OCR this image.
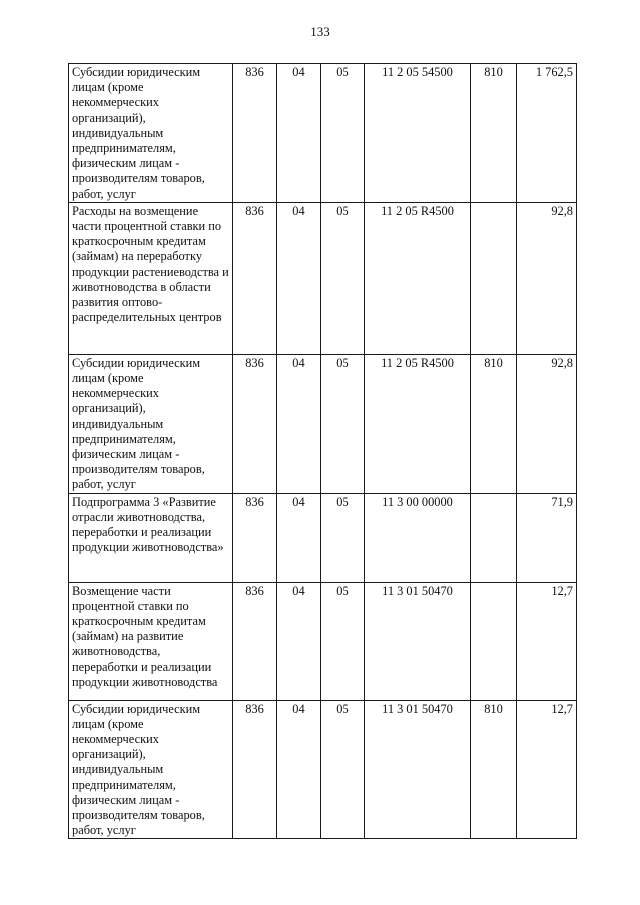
133
Субсидии юридическим лицам (кроме некоммерческих организаций), индивидуальным предпринимателям, физическим лицам - производителям товаров, работ, услуг	836	04	05	11 2 05 54500	810	1 762,5

Расходы на возмещение части процентной ставки по краткосрочным кредитам (займам) на переработку продукции растениеводства и животноводства в области развития оптово-распределительных центров	836	04	05	11 2 05 R4500		92,8

Субсидии юридическим лицам (кроме некоммерческих организаций), индивидуальным предпринимателям, физическим лицам - производителям товаров, работ, услуг	836	04	05	11 2 05 R4500	810	92,8

Подпрограмма 3 «Развитие отрасли животноводства, переработки и реализации продукции животноводства»	836	04	05	11 3 00 00000		71,9

Возмещение части процентной ставки по краткосрочным кредитам (займам) на развитие животноводства, переработки и реализации продукции животноводства	836	04	05	11 3 01 50470		12,7

Субсидии юридическим лицам (кроме некоммерческих организаций), индивидуальным предпринимателям, физическим лицам - производителям товаров, работ, услуг	836	04	05	11 3 01 50470	810	12,7
